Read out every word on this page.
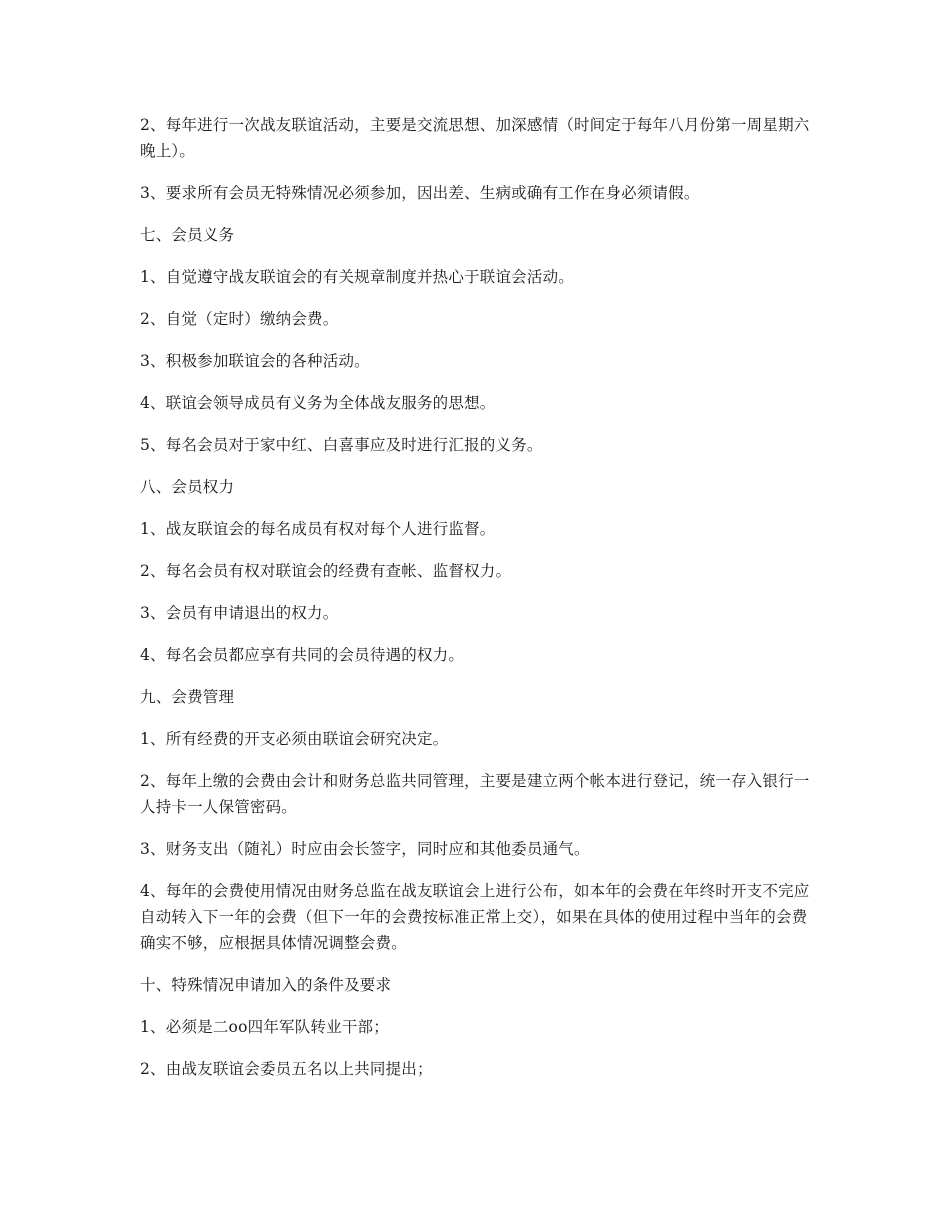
2、每年进行一次战友联谊活动，主要是交流思想、加深感情（时间定于每年八月份第一周星期六晚上）。

3、要求所有会员无特殊情况必须参加，因出差、生病或确有工作在身必须请假。

七、会员义务

1、自觉遵守战友联谊会的有关规章制度并热心于联谊会活动。

2、自觉（定时）缴纳会费。

3、积极参加联谊会的各种活动。

4、联谊会领导成员有义务为全体战友服务的思想。

5、每名会员对于家中红、白喜事应及时进行汇报的义务。

八、会员权力

1、战友联谊会的每名成员有权对每个人进行监督。

2、每名会员有权对联谊会的经费有查帐、监督权力。

3、会员有申请退出的权力。

4、每名会员都应享有共同的会员待遇的权力。

九、会费管理

1、所有经费的开支必须由联谊会研究决定。

2、每年上缴的会费由会计和财务总监共同管理，主要是建立两个帐本进行登记，统一存入银行一人持卡一人保管密码。

3、财务支出（随礼）时应由会长签字，同时应和其他委员通气。

4、每年的会费使用情况由财务总监在战友联谊会上进行公布，如本年的会费在年终时开支不完应自动转入下一年的会费（但下一年的会费按标准正常上交），如果在具体的使用过程中当年的会费确实不够，应根据具体情况调整会费。

十、特殊情况申请加入的条件及要求

1、必须是二oo四年军队转业干部；

2、由战友联谊会委员五名以上共同提出；
